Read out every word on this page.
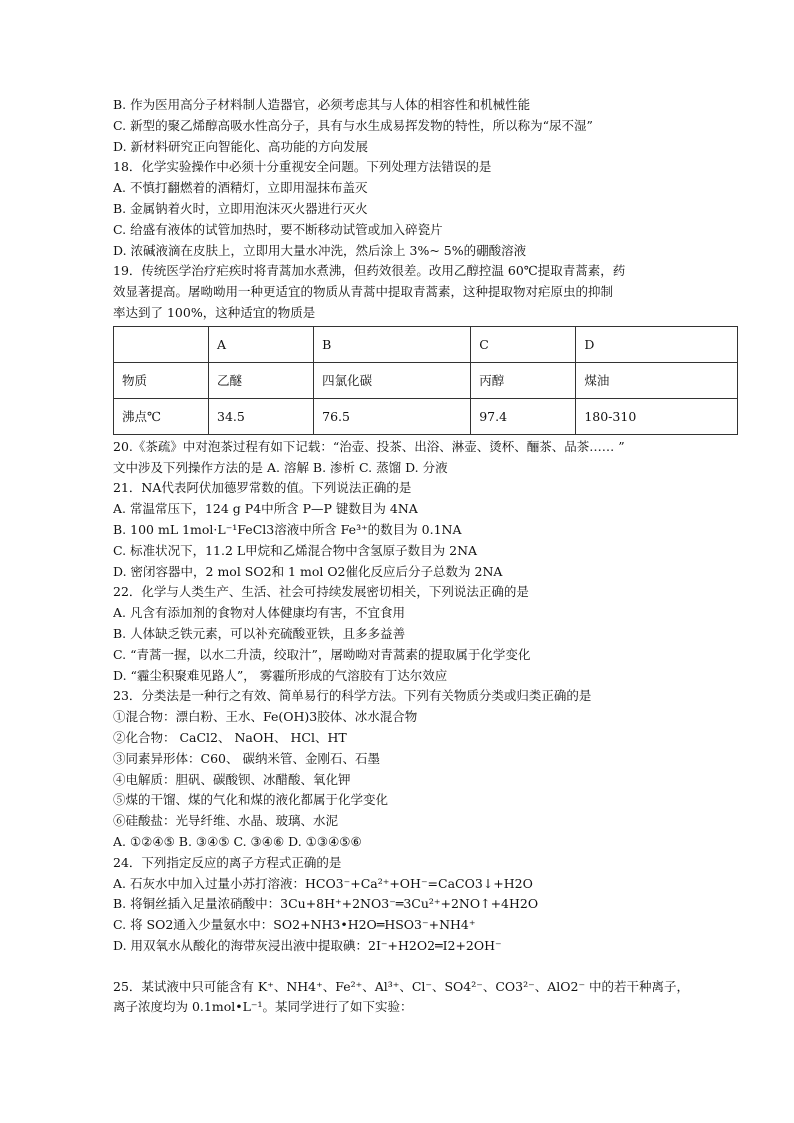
B. 作为医用高分子材料制人造器官，必须考虑其与人体的相容性和机械性能
C. 新型的聚乙烯醇高吸水性高分子，具有与水生成易挥发物的特性，所以称为“尿不湿”
D. 新材料研究正向智能化、高功能的方向发展
18．化学实验操作中必须十分重视安全问题。下列处理方法错误的是
A. 不慎打翻燃着的酒精灯，立即用湿抹布盖灭
B. 金属钠着火时，立即用泡沫灭火器进行灭火
C. 给盛有液体的试管加热时，要不断移动试管或加入碎瓷片
D. 浓碱液滴在皮肤上，立即用大量水冲洗，然后涂上 3%~ 5%的硼酸溶液
19．传统医学治疗疟疾时将青蒿加水煮沸，但药效很差。改用乙醇控温 60℃提取青蒿素，药
效显著提高。屠呦呦用一种更适宜的物质从青蒿中提取青蒿素，这种提取物对疟原虫的抑制
率达到了 100%，这种适宜的物质是
	A	B	C	D
物质	乙醚	四氯化碳	丙醇	煤油
沸点℃	34.5	76.5	97.4	180-310
20.《茶疏》中对泡茶过程有如下记载：“治壶、投茶、出浴、淋壶、烫杯、酾茶、品茶…… ”
文中涉及下列操作方法的是 A. 溶解 B. 渗析 C. 蒸馏 D. 分液
21．NA代表阿伏加德罗常数的值。下列说法正确的是
A. 常温常压下，124 g P4中所含 P—P 键数目为 4NA
B. 100 mL 1mol·L⁻¹FeCl3溶液中所含 Fe³⁺的数目为 0.1NA
C. 标准状况下，11.2 L甲烷和乙烯混合物中含氢原子数目为 2NA
D. 密闭容器中，2 mol SO2和 1 mol O2催化反应后分子总数为 2NA
22．化学与人类生产、生活、社会可持续发展密切相关，下列说法正确的是
A. 凡含有添加剂的食物对人体健康均有害，不宜食用
B. 人体缺乏铁元素，可以补充硫酸亚铁，且多多益善
C. “青蒿一握，以水二升渍，绞取汁”，屠呦呦对青蒿素的提取属于化学变化
D. “霾尘积聚难见路人”， 雾霾所形成的气溶胶有丁达尔效应
23．分类法是一种行之有效、简单易行的科学方法。下列有关物质分类或归类正确的是
①混合物：漂白粉、王水、Fe(OH)3胶体、冰水混合物
②化合物： CaCl2、 NaOH、 HCl、HT
③同素异形体：C60、 碳纳米管、金刚石、石墨
④电解质：胆矾、碳酸钡、冰醋酸、氧化钾
⑤煤的干馏、煤的气化和煤的液化都属于化学变化
⑥硅酸盐：光导纤维、水晶、玻璃、水泥
A. ①②④⑤ B. ③④⑤ C. ③④⑥ D. ①③④⑤⑥
24．下列指定反应的离子方程式正确的是
A. 石灰水中加入过量小苏打溶液：HCO3⁻+Ca²⁺+OH⁻=CaCO3↓+H2O
B. 将铜丝插入足量浓硝酸中：3Cu+8H⁺+2NO3⁻═3Cu²⁺+2NO↑+4H2O
C. 将 SO2通入少量氨水中：SO2+NH3•H2O═HSO3⁻+NH4⁺
D. 用双氧水从酸化的海带灰浸出液中提取碘：2I⁻+H2O2═I2+2OH⁻
25．某试液中只可能含有 K⁺、NH4⁺、Fe²⁺、Al³⁺、Cl⁻、SO4²⁻、CO3²⁻、AlO2⁻ 中的若干种离子，
离子浓度均为 0.1mol•L⁻¹。某同学进行了如下实验：
